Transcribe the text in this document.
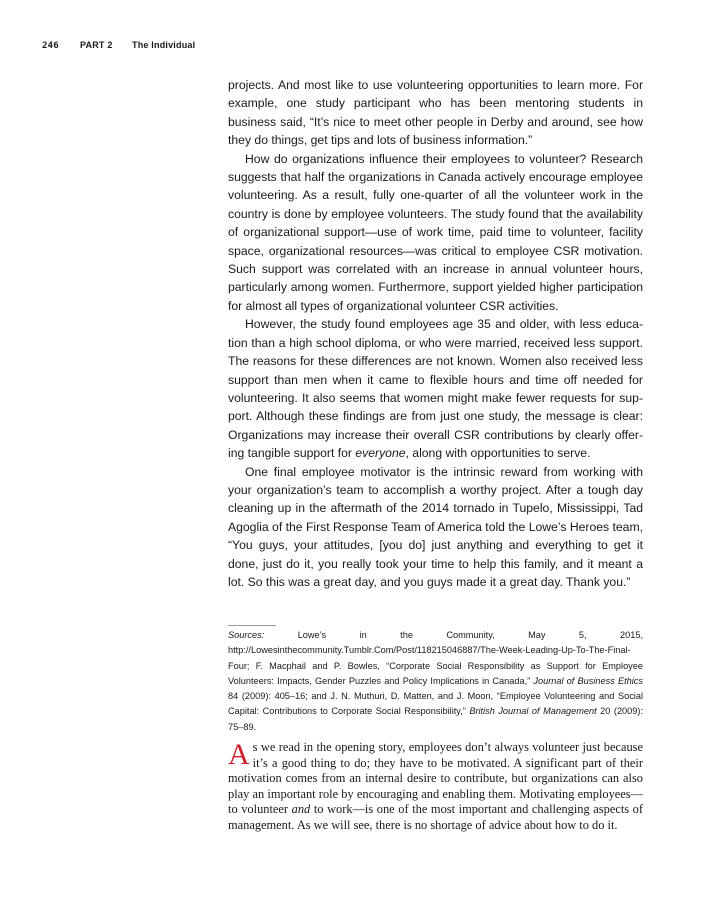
246 PART 2 The Individual

projects. And most like to use volunteering opportunities to learn more. For example, one study participant who has been mentoring students in business said, “It’s nice to meet other people in Derby and around, see how they do things, get tips and lots of business information.”

How do organizations influence their employees to volunteer? Research suggests that half the organizations in Canada actively encourage employee volunteering. As a result, fully one-quarter of all the volunteer work in the country is done by employee volunteers. The study found that the availability of organizational support—use of work time, paid time to volunteer, facility space, organizational resources—was critical to employee CSR motivation. Such support was correlated with an increase in annual volunteer hours, particularly among women. Furthermore, support yielded higher participation for almost all types of organizational volunteer CSR activities.

However, the study found employees age 35 and older, with less education than a high school diploma, or who were married, received less support. The reasons for these differences are not known. Women also received less support than men when it came to flexible hours and time off needed for volunteering. It also seems that women might make fewer requests for support. Although these findings are from just one study, the message is clear: Organizations may increase their overall CSR contributions by clearly offering tangible support for everyone, along with opportunities to serve.

One final employee motivator is the intrinsic reward from working with your organization’s team to accomplish a worthy project. After a tough day cleaning up in the aftermath of the 2014 tornado in Tupelo, Mississippi, Tad Agoglia of the First Response Team of America told the Lowe’s Heroes team, “You guys, your attitudes, [you do] just anything and everything to get it done, just do it, you really took your time to help this family, and it meant a lot. So this was a great day, and you guys made it a great day. Thank you.”

Sources: Lowe’s in the Community, May 5, 2015, http://Lowesinthecommunity.Tumblr.Com/Post/118215046887/The-Week-Leading-Up-To-The-Final-Four; F. Macphail and P. Bowles, “Corporate Social Responsibility as Support for Employee Volunteers: Impacts, Gender Puzzles and Policy Implications in Canada,” Journal of Business Ethics 84 (2009): 405–16; and J. N. Muthuri, D. Matten, and J. Moon, “Employee Volunteering and Social Capital: Contributions to Corporate Social Responsibility,” British Journal of Management 20 (2009): 75–89.
As we read in the opening story, employees don’t always volunteer just because it’s a good thing to do; they have to be motivated. A significant part of their motivation comes from an internal desire to contribute, but organizations can also play an important role by encouraging and enabling them. Motivating employees—to volunteer and to work—is one of the most important and challenging aspects of management. As we will see, there is no shortage of advice about how to do it.
